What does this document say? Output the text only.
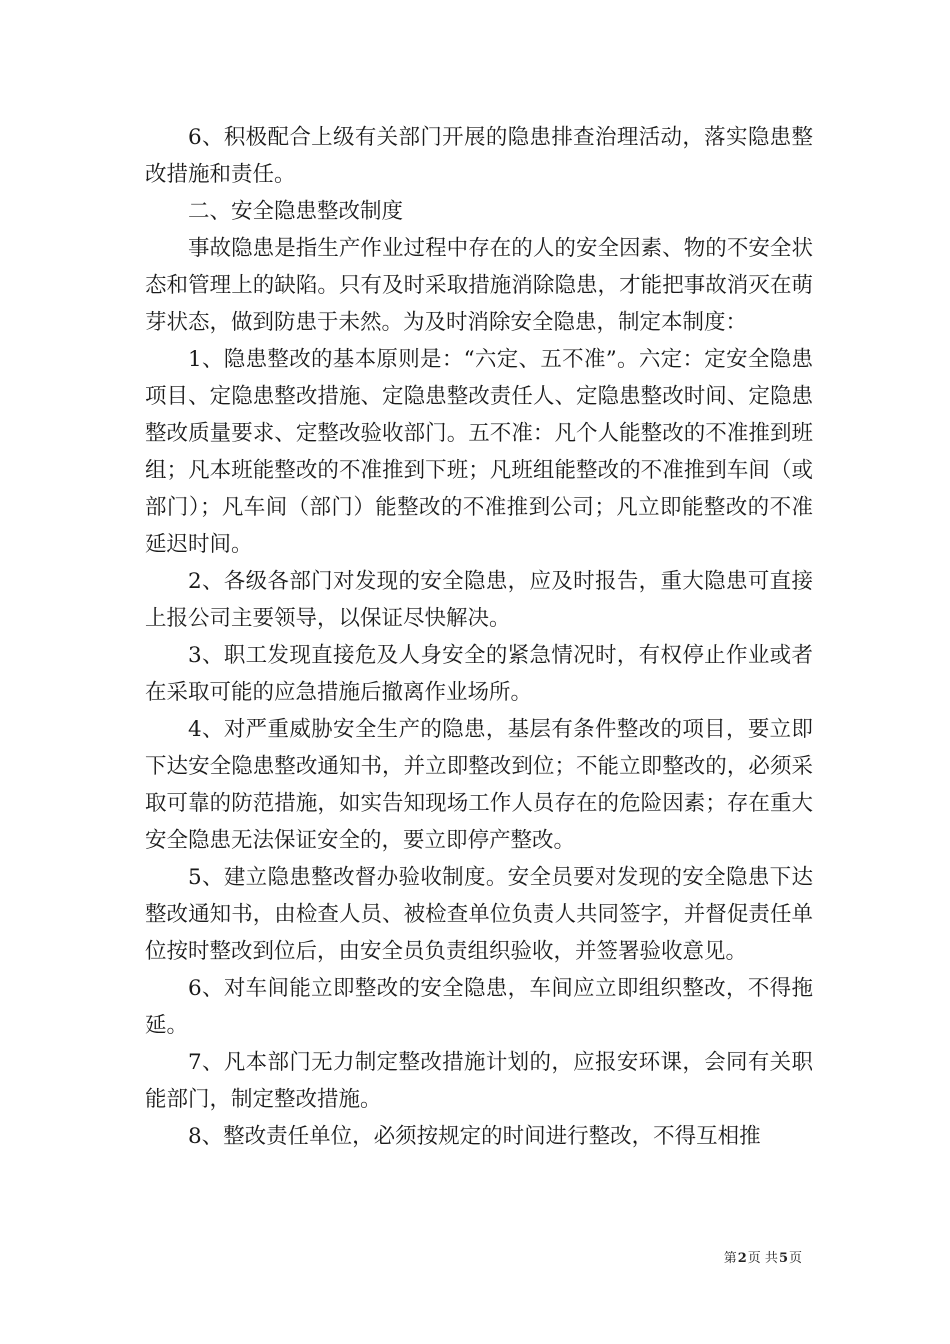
6、积极配合上级有关部门开展的隐患排查治理活动，落实隐患整改措施和责任。

二、安全隐患整改制度

事故隐患是指生产作业过程中存在的人的安全因素、物的不安全状态和管理上的缺陷。只有及时采取措施消除隐患，才能把事故消灭在萌芽状态，做到防患于未然。为及时消除安全隐患，制定本制度：

1、隐患整改的基本原则是：“六定、五不准”。六定：定安全隐患项目、定隐患整改措施、定隐患整改责任人、定隐患整改时间、定隐患整改质量要求、定整改验收部门。五不准：凡个人能整改的不准推到班组；凡本班能整改的不准推到下班；凡班组能整改的不准推到车间（或部门）；凡车间（部门）能整改的不准推到公司；凡立即能整改的不准延迟时间。

2、各级各部门对发现的安全隐患，应及时报告，重大隐患可直接上报公司主要领导，以保证尽快解决。

3、职工发现直接危及人身安全的紧急情况时，有权停止作业或者在采取可能的应急措施后撤离作业场所。

4、对严重威胁安全生产的隐患，基层有条件整改的项目，要立即下达安全隐患整改通知书，并立即整改到位；不能立即整改的，必须采取可靠的防范措施，如实告知现场工作人员存在的危险因素；存在重大安全隐患无法保证安全的，要立即停产整改。

5、建立隐患整改督办验收制度。安全员要对发现的安全隐患下达整改通知书，由检查人员、被检查单位负责人共同签字，并督促责任单位按时整改到位后，由安全员负责组织验收，并签署验收意见。

6、对车间能立即整改的安全隐患，车间应立即组织整改，不得拖延。

7、凡本部门无力制定整改措施计划的，应报安环课，会同有关职能部门，制定整改措施。

8、整改责任单位，必须按规定的时间进行整改，不得互相推

第 2 页 共 5 页
